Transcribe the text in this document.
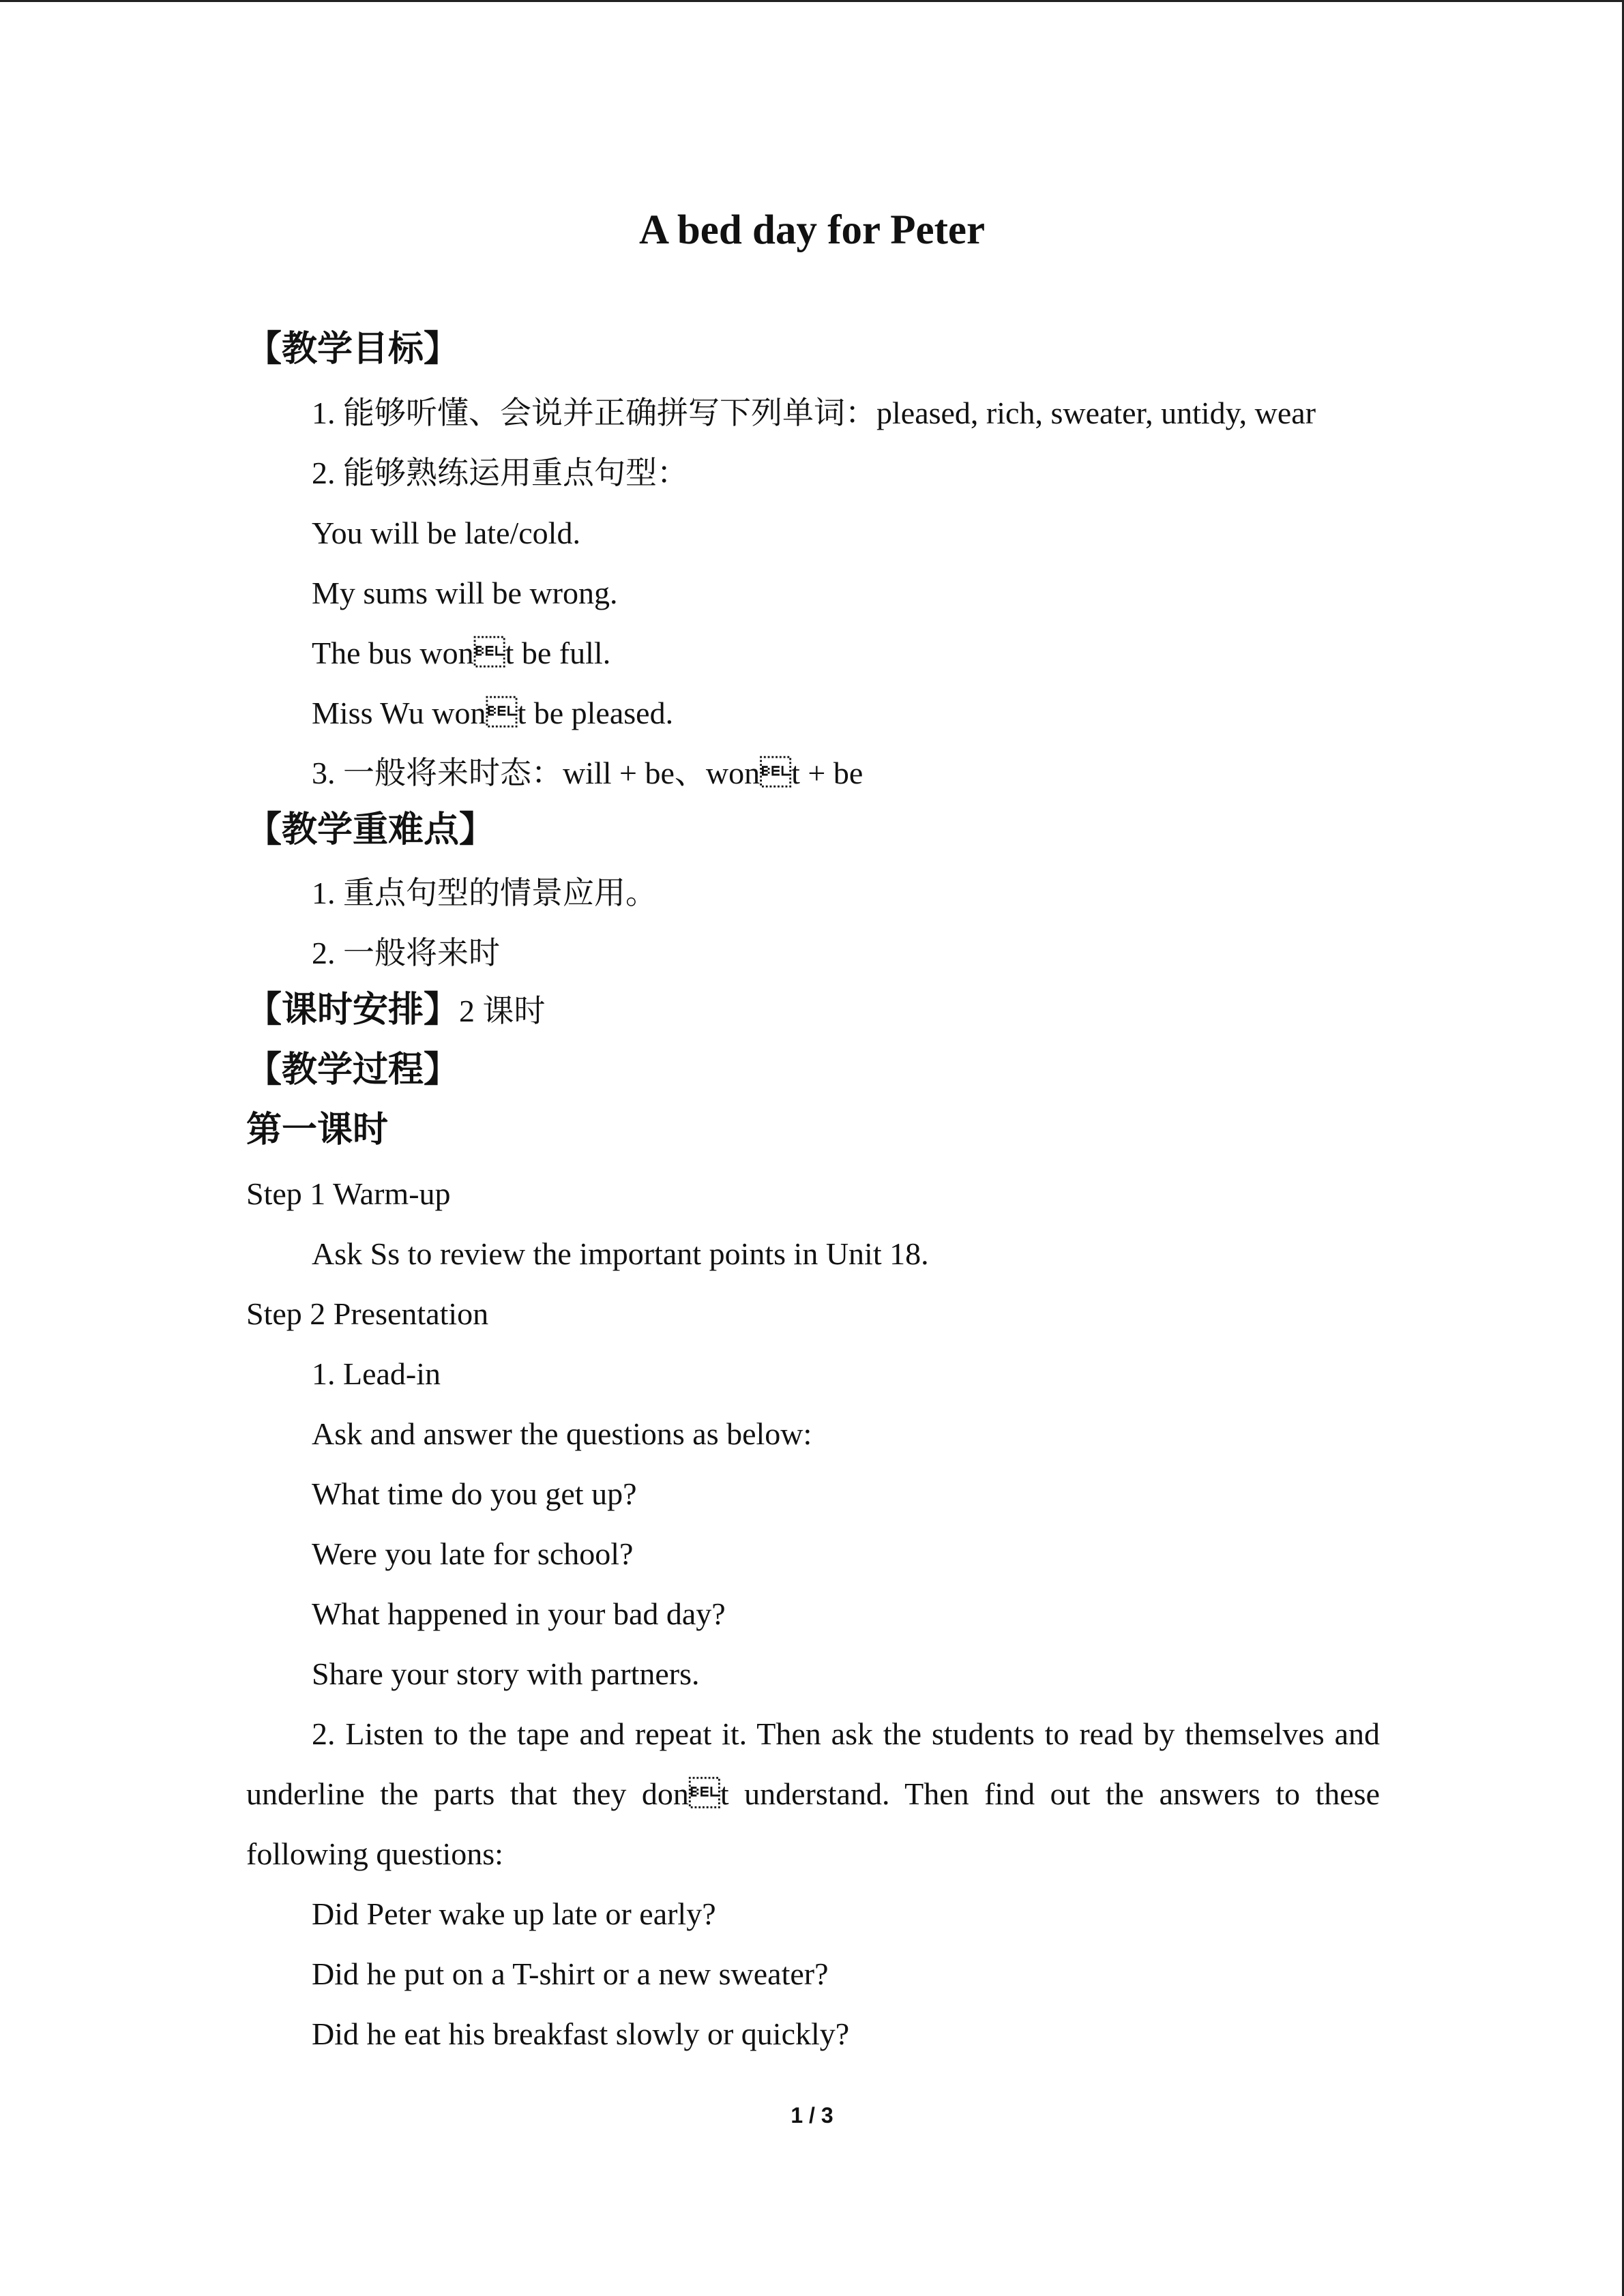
A bed day for Peter
【教学目标】
1. 能够听懂、会说并正确拼写下列单词：pleased, rich, sweater, untidy, wear
2. 能够熟练运用重点句型：
You will be late/cold.
My sums will be wrong.
The bus wont be full.
Miss Wu wont be pleased.
3. 一般将来时态：will + be、wont + be
【教学重难点】
1. 重点句型的情景应用。
2. 一般将来时
【课时安排】2 课时
【教学过程】
第一课时
Step 1 Warm-up
Ask Ss to review the important points in Unit 18.
Step 2 Presentation
1. Lead-in
Ask and answer the questions as below:
What time do you get up?
Were you late for school?
What happened in your bad day?
Share your story with partners.
2. Listen to the tape and repeat it. Then ask the students to read by themselves and
underline the parts that they dont understand. Then find out the answers to these
following questions:
Did Peter wake up late or early?
Did he put on a T-shirt or a new sweater?
Did he eat his breakfast slowly or quickly?
1 / 3
